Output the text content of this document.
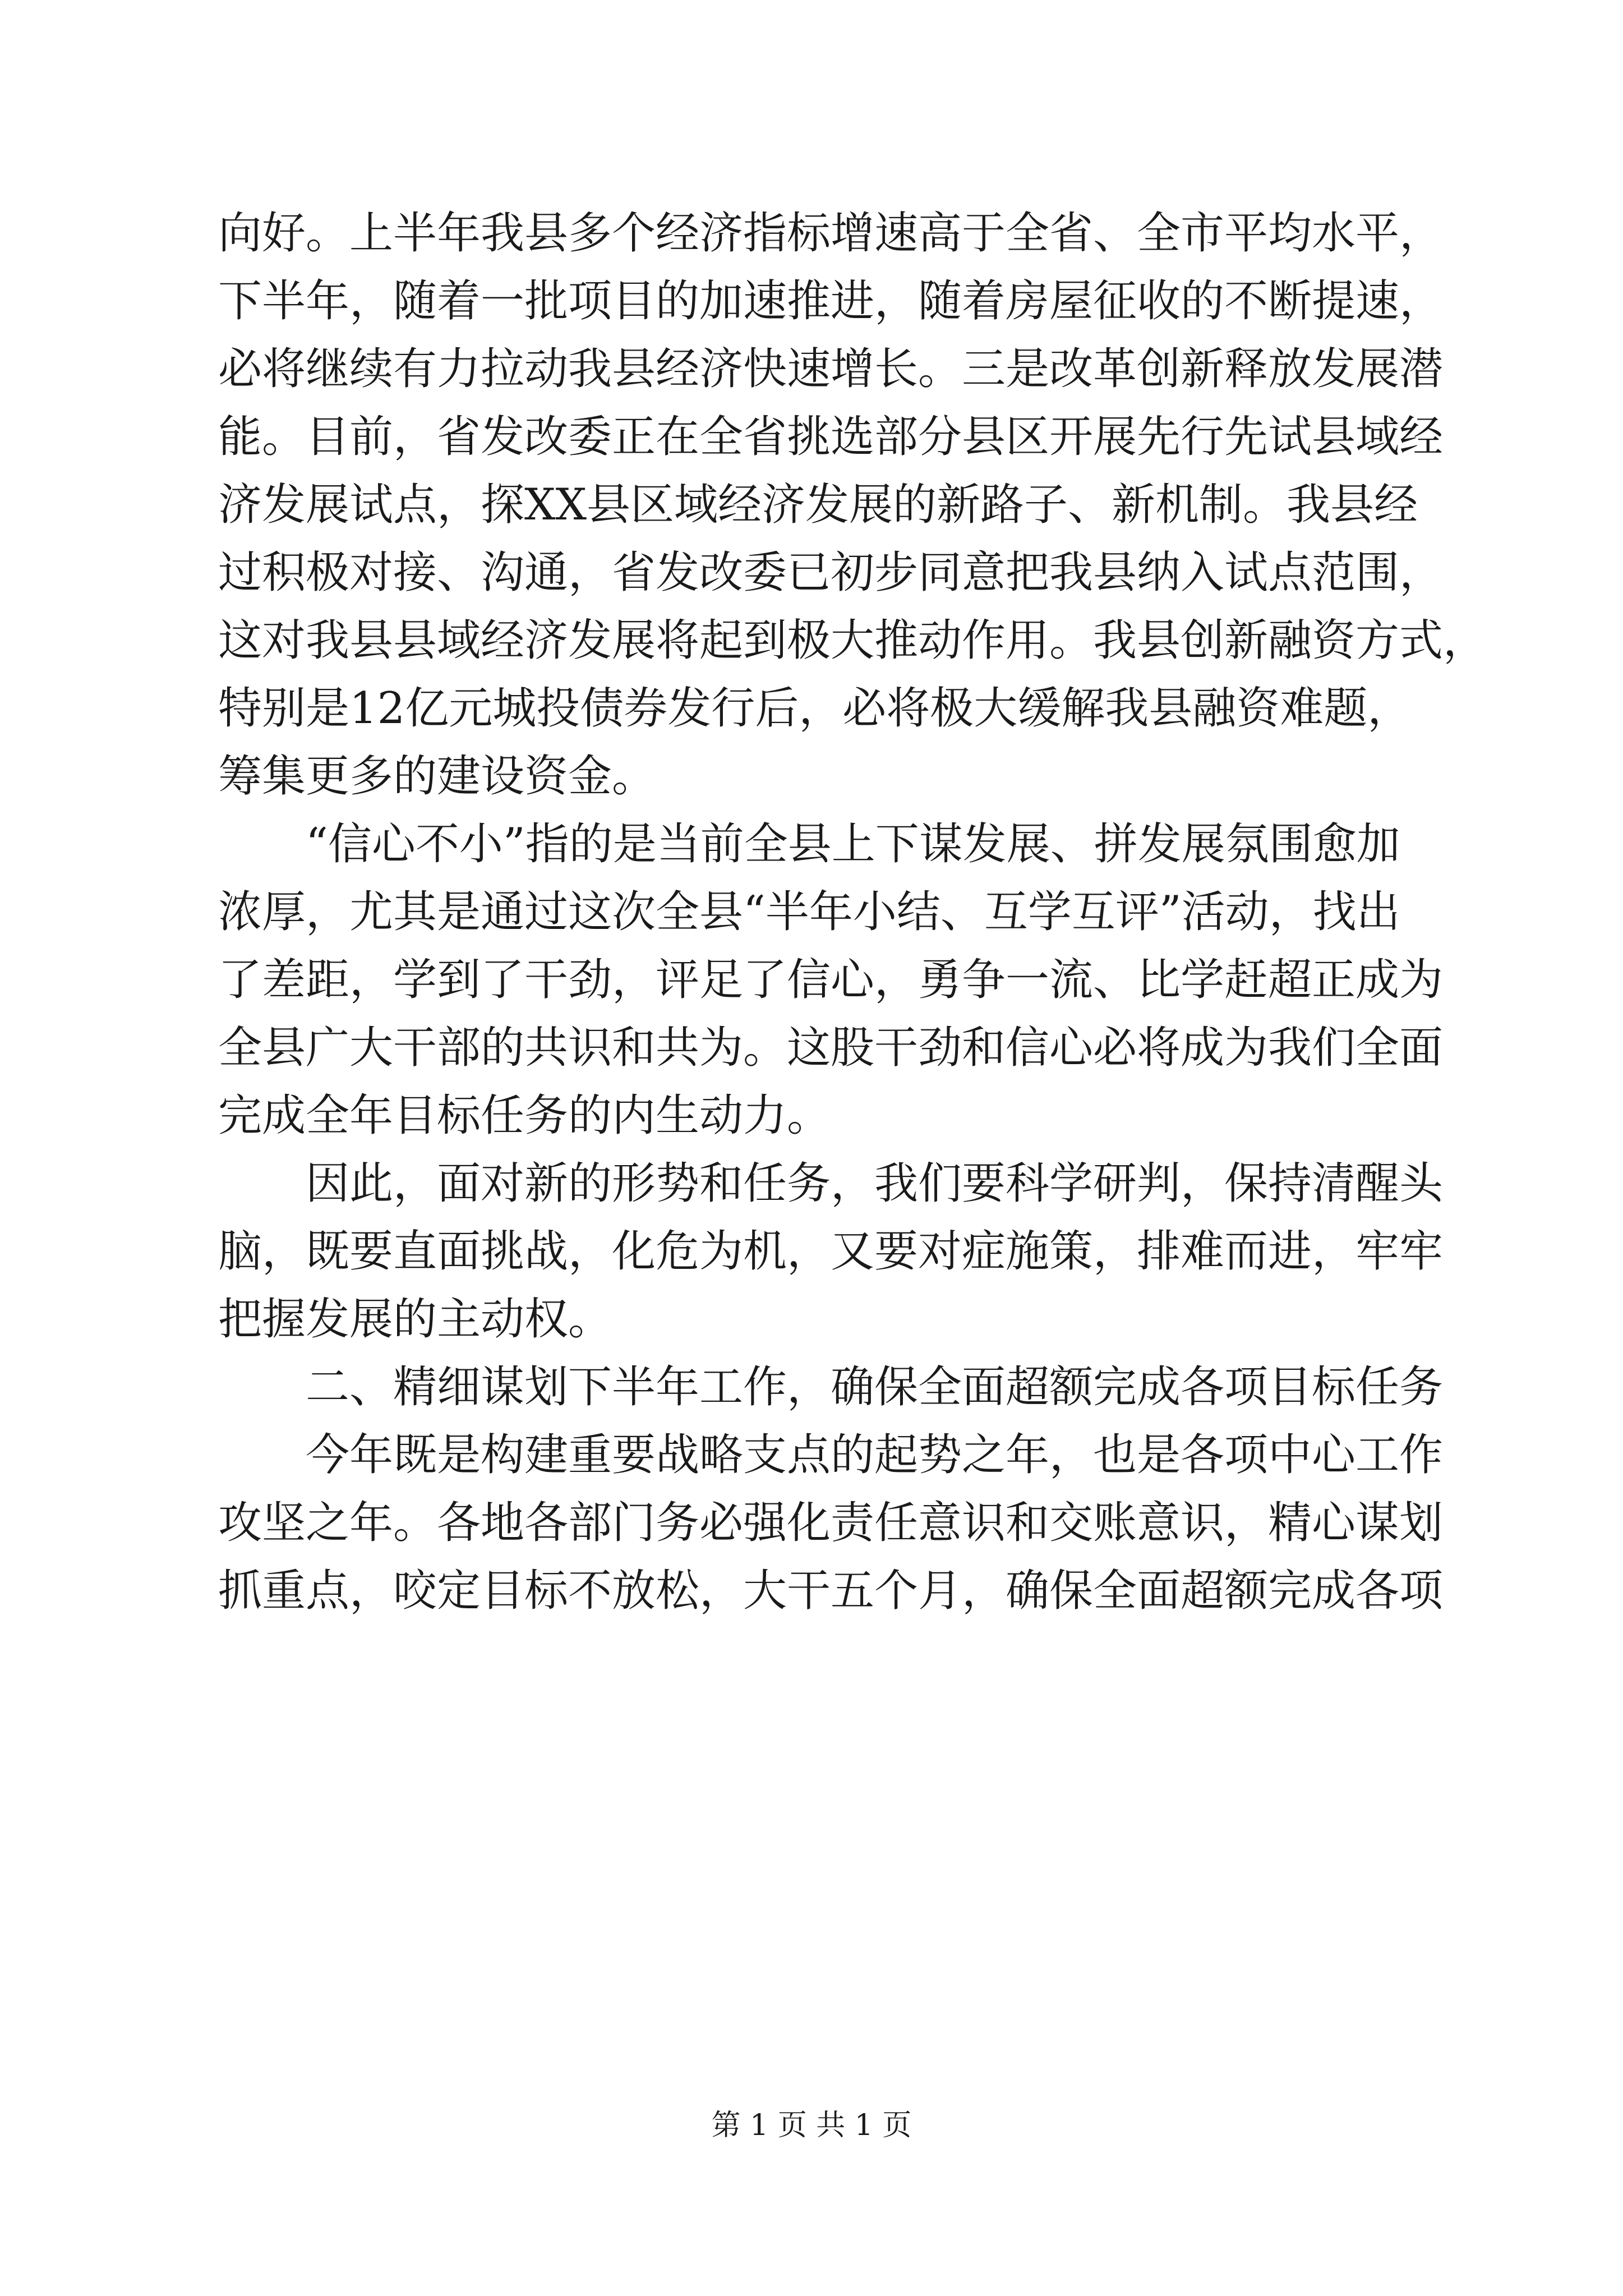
向好。上半年我县多个经济指标增速高于全省、全市平均水平，
下半年，随着一批项目的加速推进，随着房屋征收的不断提速，
必将继续有力拉动我县经济快速增长。三是改革创新释放发展潜
能。目前，省发改委正在全省挑选部分县区开展先行先试县域经
济发展试点，探XX县区域经济发展的新路子、新机制。我县经
过积极对接、沟通，省发改委已初步同意把我县纳入试点范围，
这对我县县域经济发展将起到极大推动作用。我县创新融资方式，
特别是12亿元城投债券发行后，必将极大缓解我县融资难题，
筹集更多的建设资金。
　　“信心不小”指的是当前全县上下谋发展、拼发展氛围愈加
浓厚，尤其是通过这次全县“半年小结、互学互评”活动，找出
了差距，学到了干劲，评足了信心，勇争一流、比学赶超正成为
全县广大干部的共识和共为。这股干劲和信心必将成为我们全面
完成全年目标任务的内生动力。
　　因此，面对新的形势和任务，我们要科学研判，保持清醒头
脑，既要直面挑战，化危为机，又要对症施策，排难而进，牢牢
把握发展的主动权。
　　二、精细谋划下半年工作，确保全面超额完成各项目标任务
　　今年既是构建重要战略支点的起势之年，也是各项中心工作
攻坚之年。各地各部门务必强化责任意识和交账意识，精心谋划
抓重点，咬定目标不放松，大干五个月，确保全面超额完成各项
第 1 页 共 1 页
